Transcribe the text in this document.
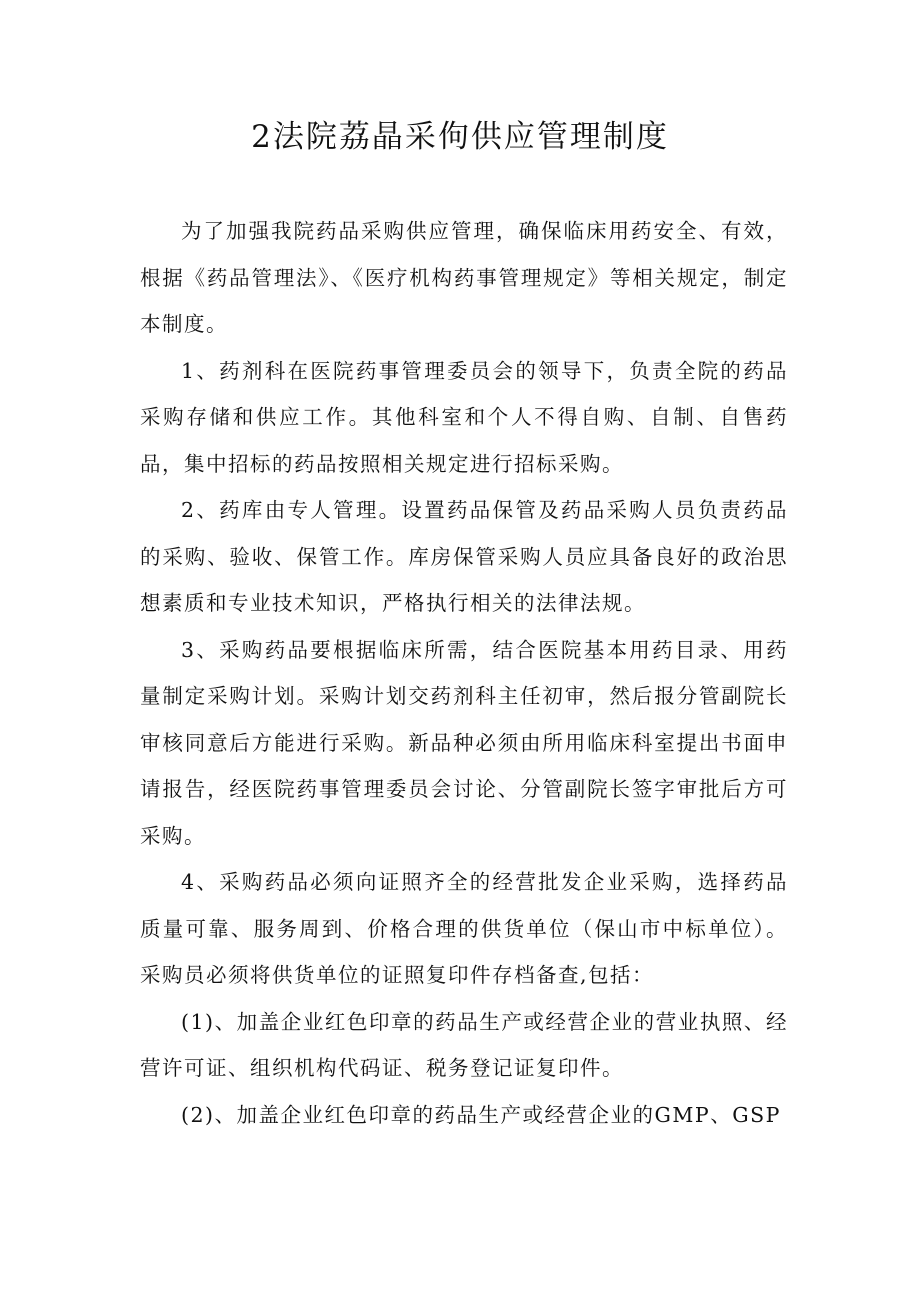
2法院荔晶采佝供应管理制度

为了加强我院药品采购供应管理，确保临床用药安全、有效，根据《药品管理法》、《医疗机构药事管理规定》等相关规定，制定本制度。

1、药剂科在医院药事管理委员会的领导下，负责全院的药品采购存储和供应工作。其他科室和个人不得自购、自制、自售药品，集中招标的药品按照相关规定进行招标采购。

2、药库由专人管理。设置药品保管及药品采购人员负责药品的采购、验收、保管工作。库房保管采购人员应具备良好的政治思想素质和专业技术知识，严格执行相关的法律法规。

3、采购药品要根据临床所需，结合医院基本用药目录、用药量制定采购计划。采购计划交药剂科主任初审，然后报分管副院长审核同意后方能进行采购。新品种必须由所用临床科室提出书面申请报告，经医院药事管理委员会讨论、分管副院长签字审批后方可采购。

4、采购药品必须向证照齐全的经营批发企业采购，选择药品质量可靠、服务周到、价格合理的供货单位（保山市中标单位）。采购员必须将供货单位的证照复印件存档备查,包括：

(1)、加盖企业红色印章的药品生产或经营企业的营业执照、经营许可证、组织机构代码证、税务登记证复印件。

(2)、加盖企业红色印章的药品生产或经营企业的GMP、GSP
